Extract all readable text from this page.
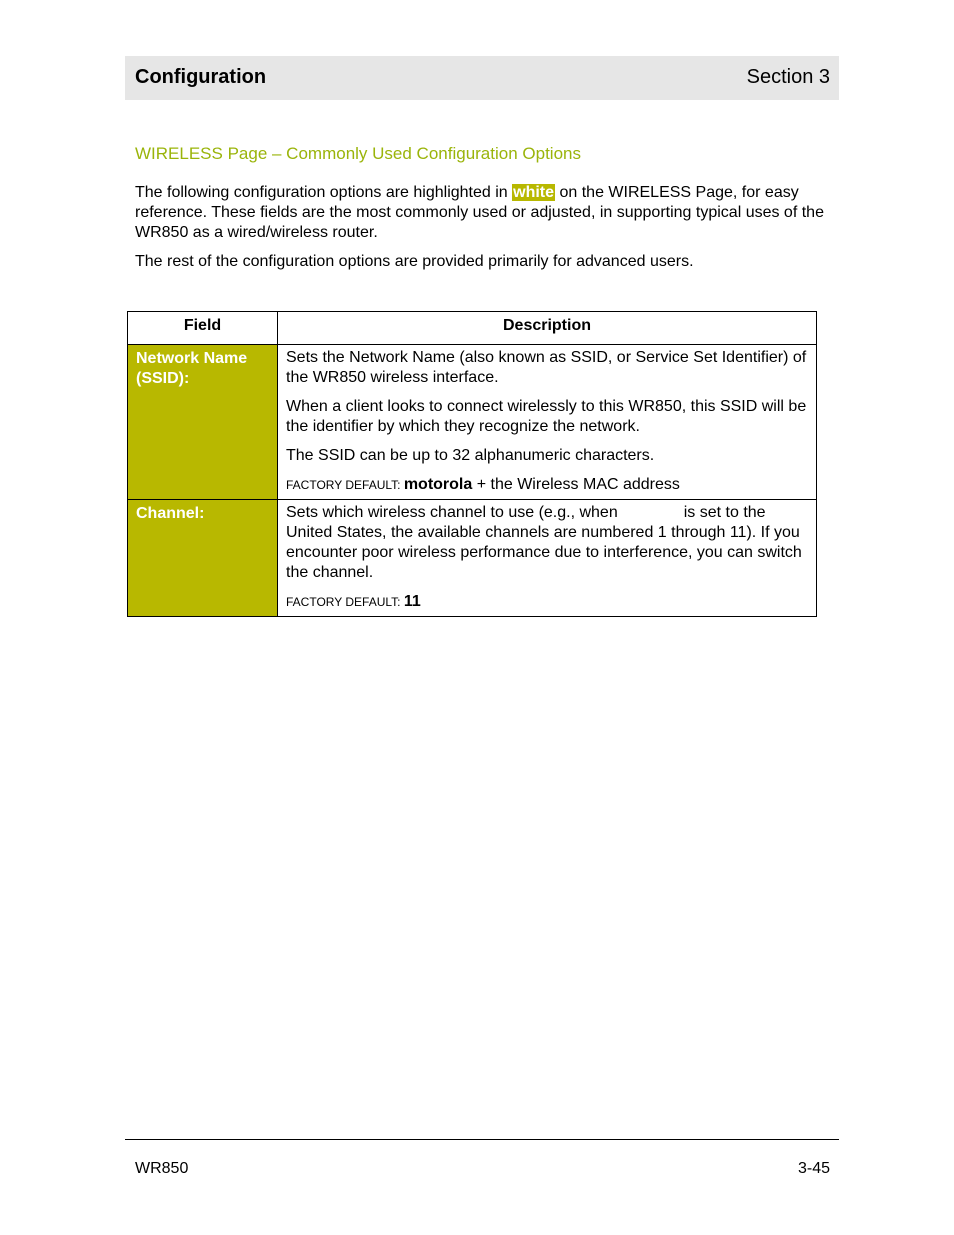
Configuration	Section 3
WIRELESS Page – Commonly Used Configuration Options

The following configuration options are highlighted in white on the WIRELESS Page, for easy reference. These fields are the most commonly used or adjusted, in supporting typical uses of the WR850 as a wired/wireless router.

The rest of the configuration options are provided primarily for advanced users.

Field	Description
Network Name (SSID):	Sets the Network Name (also known as SSID, or Service Set Identifier) of the WR850 wireless interface.

When a client looks to connect wirelessly to this WR850, this SSID will be the identifier by which they recognize the network.

The SSID can be up to 32 alphanumeric characters.

FACTORY DEFAULT: motorola + the Wireless MAC address

Channel:	Sets which wireless channel to use (e.g., when is set to the United States, the available channels are numbered 1 through 11). If you encounter poor wireless performance due to interference, you can switch the channel.

FACTORY DEFAULT: 11

WR850	3-45
